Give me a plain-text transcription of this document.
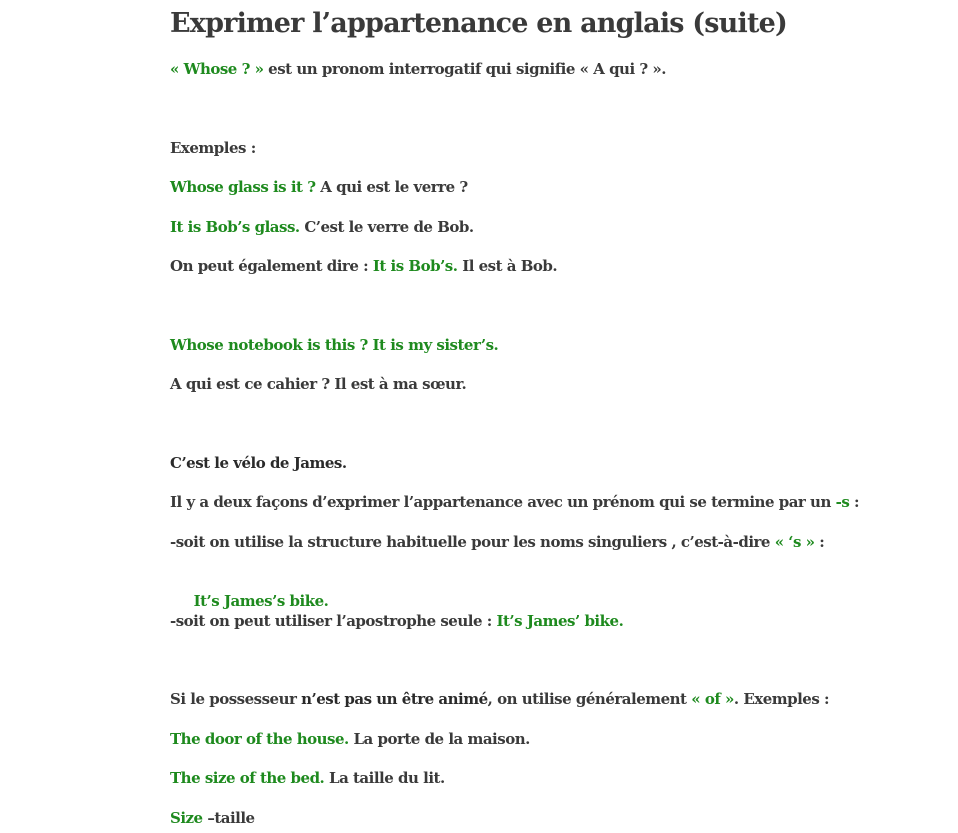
Exprimer l’appartenance en anglais (suite)

« Whose ? » est un pronom interrogatif qui signifie « A qui ? ».

Exemples :

Whose glass is it ? A qui est le verre ?

It is Bob’s glass. C’est le verre de Bob.

On peut également dire : It is Bob’s. Il est à Bob.

Whose notebook is this ? It is my sister’s.

A qui est ce cahier ? Il est à ma sœur.

C’est le vélo de James.

Il y a deux façons d’exprimer l’appartenance avec un prénom qui se termine par un -s :

-soit on utilise la structure habituelle pour les noms singuliers , c’est-à-dire « ‘s » :

It’s James’s bike.

-soit on peut utiliser l’apostrophe seule : It’s James’ bike.

Si le possesseur n’est pas un être animé, on utilise généralement « of ». Exemples :

The door of the house. La porte de la maison.

The size of the bed. La taille du lit.

Size –taille
